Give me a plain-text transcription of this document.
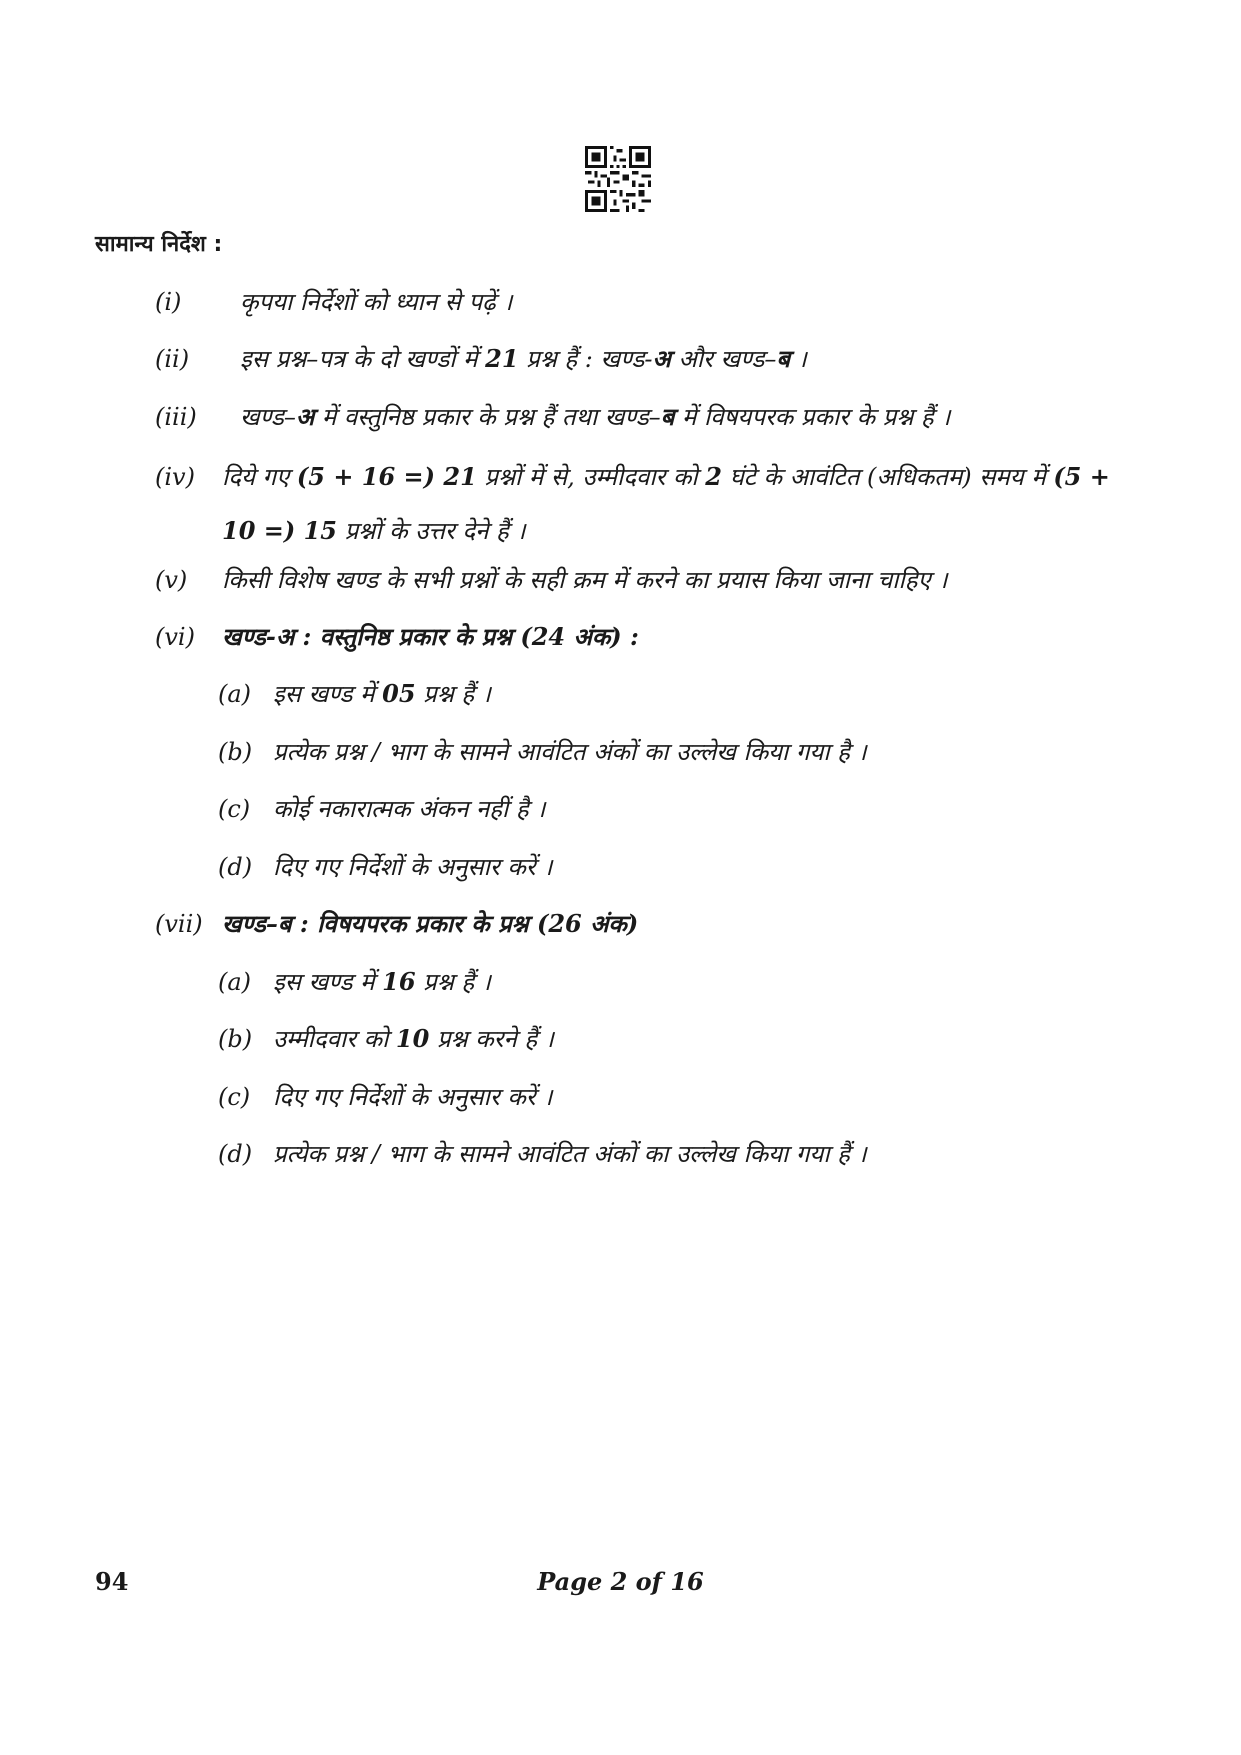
सामान्य निर्देश :
(i) कृपया निर्देशों को ध्यान से पढ़ें ।
(ii) इस प्रश्न–पत्र के दो खण्डों में 21 प्रश्न हैं : खण्ड-अ और खण्ड–ब ।
(iii) खण्ड–अ में वस्तुनिष्ठ प्रकार के प्रश्न हैं तथा खण्ड–ब में विषयपरक प्रकार के प्रश्न हैं ।
(iv) दिये गए (5 + 16 =) 21 प्रश्नों में से, उम्मीदवार को 2 घंटे के आवंटित (अधिकतम) समय में (5 + 10 =) 15 प्रश्नों के उत्तर देने हैं ।
(v) किसी विशेष खण्ड के सभी प्रश्नों के सही क्रम में करने का प्रयास किया जाना चाहिए ।
(vi) खण्ड-अ : वस्तुनिष्ठ प्रकार के प्रश्न (24 अंक) :
(a) इस खण्ड में 05 प्रश्न हैं ।
(b) प्रत्येक प्रश्न / भाग के सामने आवंटित अंकों का उल्लेख किया गया है ।
(c) कोई नकारात्मक अंकन नहीं है ।
(d) दिए गए निर्देशों के अनुसार करें ।
(vii) खण्ड–ब : विषयपरक प्रकार के प्रश्न (26 अंक)
(a) इस खण्ड में 16 प्रश्न हैं ।
(b) उम्मीदवार को 10 प्रश्न करने हैं ।
(c) दिए गए निर्देशों के अनुसार करें ।
(d) प्रत्येक प्रश्न / भाग के सामने आवंटित अंकों का उल्लेख किया गया हैं ।
94	Page 2 of 16
